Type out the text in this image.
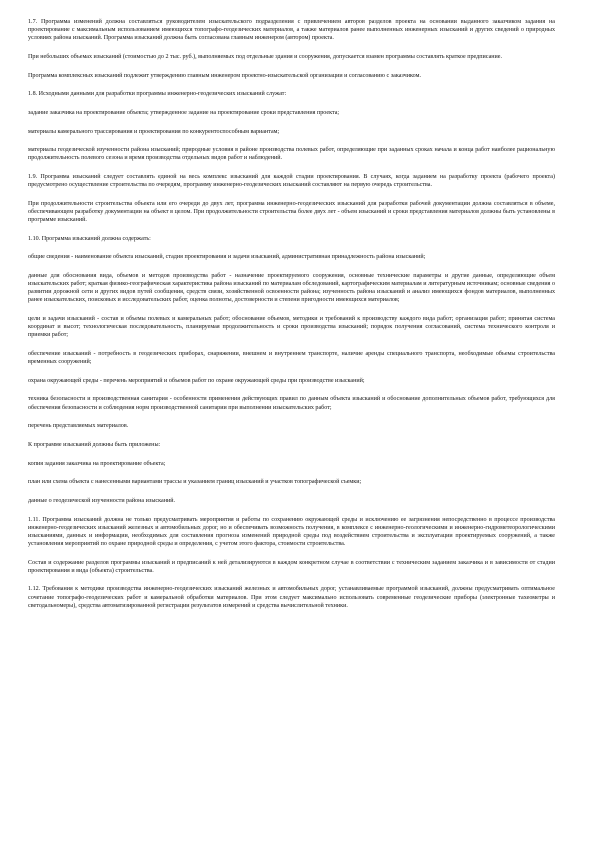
1.7. Программа изменений должна составляться руководителем изыскательского подразделения с привлечением авторов разделов проекта на основании выданного заказчиком задания на проектирование с максимальным использованием имеющихся топографо-геодезических материалов, а также материалов ранее выполненных инженерных изысканий и других сведений о природных условиях района изысканий. Программа изысканий должна быть согласована главным инженером (автором) проекта.

При небольших объемах изысканий (стоимостью до 2 тыс. руб.), выполняемых под отдельные здания и сооружения, допускается взамен программы составлять краткое предписание.

Программа комплексных изысканий подлежит утверждению главным инженером проектно-изыскательской организации и согласованию с заказчиком.

1.8. Исходными данными для разработки программы инженерно-геодезических изысканий служат:

задание заказчика на проектирование объекта; утвержденное задание на проектирование сроки представления проекта;

материалы камерального трассирования и проектирования по конкурентоспособным вариантам;

материалы геодезической изученности района изысканий; природные условия в районе производства полевых работ, определяющие при заданных сроках начала и конца работ наиболее рациональную продолжительность полевого сезона и время производства отдельных видов работ и наблюдений.

1.9. Программа изысканий следует составлять единой на весь комплекс изысканий для каждой стадии проектирования. В случаях, когда заданием на разработку проекта (рабочего проекта) предусмотрено осуществление строительства по очередям, программу инженерно-геодезических изысканий составляют на первую очередь строительства.

При продолжительности строительства объекта или его очереди до двух лет, программа инженерно-геодезических изысканий для разработки рабочей документации должна составляться в объеме, обеспечивающем разработку документации на объект в целом. При продолжительности строительства более двух лет - объем изысканий и сроки представления материалов должны быть установлены в программе изысканий.

1.10. Программа изысканий должна содержать:

общие сведения - наименование объекта изысканий, стадия проектирования и задачи изысканий, административная принадлежность района изысканий;

данные для обоснования вида, объемов и методов производства работ - назначение проектируемого сооружения, основные технические параметры и другие данные, определяющие объем изыскательских работ; краткая физико-географическая характеристика района изысканий по материалам обследований, картографическим материалам и литературным источникам; основные сведения о развитии дорожной сети и других видов путей сообщения, средств связи, хозяйственной освоенности района; изученность района изысканий и анализ имеющихся фондов материалов, выполненных ранее изыскательских, поисковых и исследовательских работ, оценка полноты, достоверности и степени пригодности имеющихся материалов;

цели и задачи изысканий - состав и объемы полевых и камеральных работ; обоснование объемов, методики и требований к производству каждого вида работ; организация работ; принятая система координат и высот; технологическая последовательность, планируемая продолжительность и сроки производства изысканий; порядок получения согласований, система технического контроля и приемки работ;

обеспечение изысканий - потребность в геодезических приборах, снаряжении, внешнем и внутреннем транспорте, наличие аренды специального транспорта, необходимые объемы строительства временных сооружений;

охрана окружающей среды - перечень мероприятий и объемов работ по охране окружающей среды при производстве изысканий;

техника безопасности и производственная санитария - особенности применения действующих правил по данным объекта изысканий и обоснование дополнительных объемов работ, требующихся для обеспечения безопасности и соблюдения норм производственной санитарии при выполнении изыскательских работ;

перечень представляемых материалов.

К программе изысканий должны быть приложены:

копия задания заказчика на проектирование объекта;

план или схема объекта с нанесенными вариантами трассы и указанием границ изысканий и участков топографической съемки;

данные о геодезической изученности района изысканий.

1.11. Программа изысканий должна не только предусматривать мероприятия и работы по сохранению окружающей среды и исключению ее загрязнения непосредственно в процессе производства инженерно-геодезических изысканий железных и автомобильных дорог, но и обеспечивать возможность получения, в комплексе с инженерно-геологическими и инженерно-гидрометеорологическими изысканиями, данных и информации, необходимых для составления прогноза изменений природной среды под воздействием строительства и эксплуатации проектируемых сооружений, а также установления мероприятий по охране природной среды и определения, с учетом этого фактора, стоимости строительства.

Состав и содержание разделов программы изысканий и предписаний к ней детализируются в каждом конкретном случае в соответствии с техническим заданием заказчика и в зависимости от стадии проектирования и вида (объекта) строительства.

1.12. Требования к методике производства инженерно-геодезических изысканий железных и автомобильных дорог, устанавливаемые программой изысканий, должны предусматривать оптимальное сочетание топографо-геодезических работ и камеральной обработки материалов. При этом следует максимально использовать современные геодезические приборы (электронные тахеометры и светодальномеры), средства автоматизированной регистрации результатов измерений и средства вычислительной техники.
